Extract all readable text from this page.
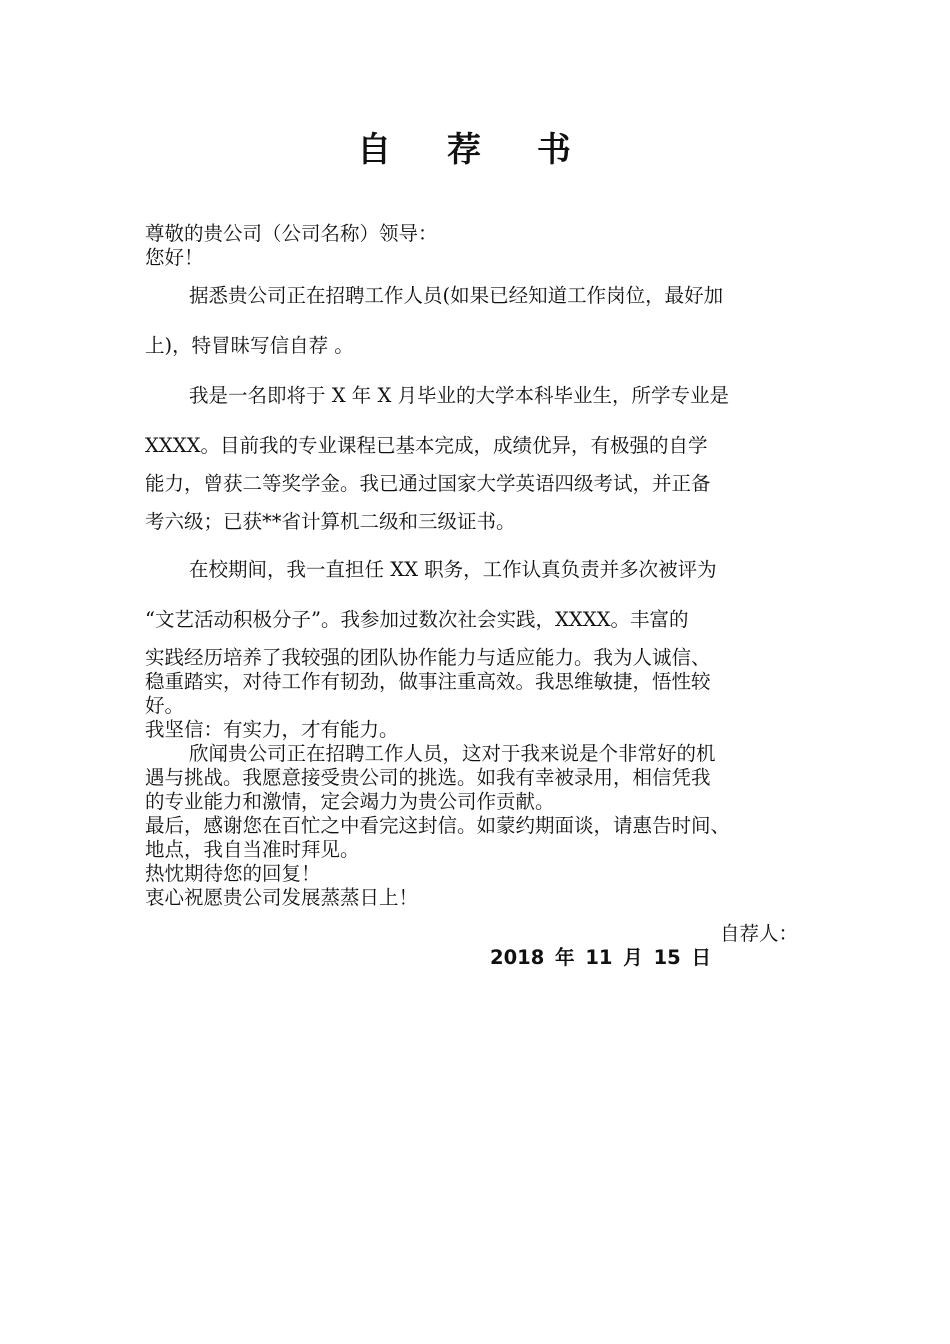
自 荐 书
尊敬的贵公司（公司名称）领导：
您好！
据悉贵公司正在招聘工作人员(如果已经知道工作岗位，最好加
上)，特冒昧写信自荐 。
我是一名即将于 X 年 X 月毕业的大学本科毕业生，所学专业是
XXXX。目前我的专业课程已基本完成，成绩优异，有极强的自学
能力，曾获二等奖学金。我已通过国家大学英语四级考试，并正备
考六级；已获**省计算机二级和三级证书。
在校期间，我一直担任 XX 职务，工作认真负责并多次被评为
“文艺活动积极分子”。我参加过数次社会实践，XXXX。丰富的
实践经历培养了我较强的团队协作能力与适应能力。我为人诚信、
稳重踏实，对待工作有韧劲，做事注重高效。我思维敏捷，悟性较
好。
我坚信：有实力，才有能力。
欣闻贵公司正在招聘工作人员，这对于我来说是个非常好的机
遇与挑战。我愿意接受贵公司的挑选。如我有幸被录用，相信凭我
的专业能力和激情，定会竭力为贵公司作贡献。
最后，感谢您在百忙之中看完这封信。如蒙约期面谈，请惠告时间、
地点，我自当准时拜见。
热忱期待您的回复！
衷心祝愿贵公司发展蒸蒸日上！
自荐人：
2018 年 11 月 15 日
